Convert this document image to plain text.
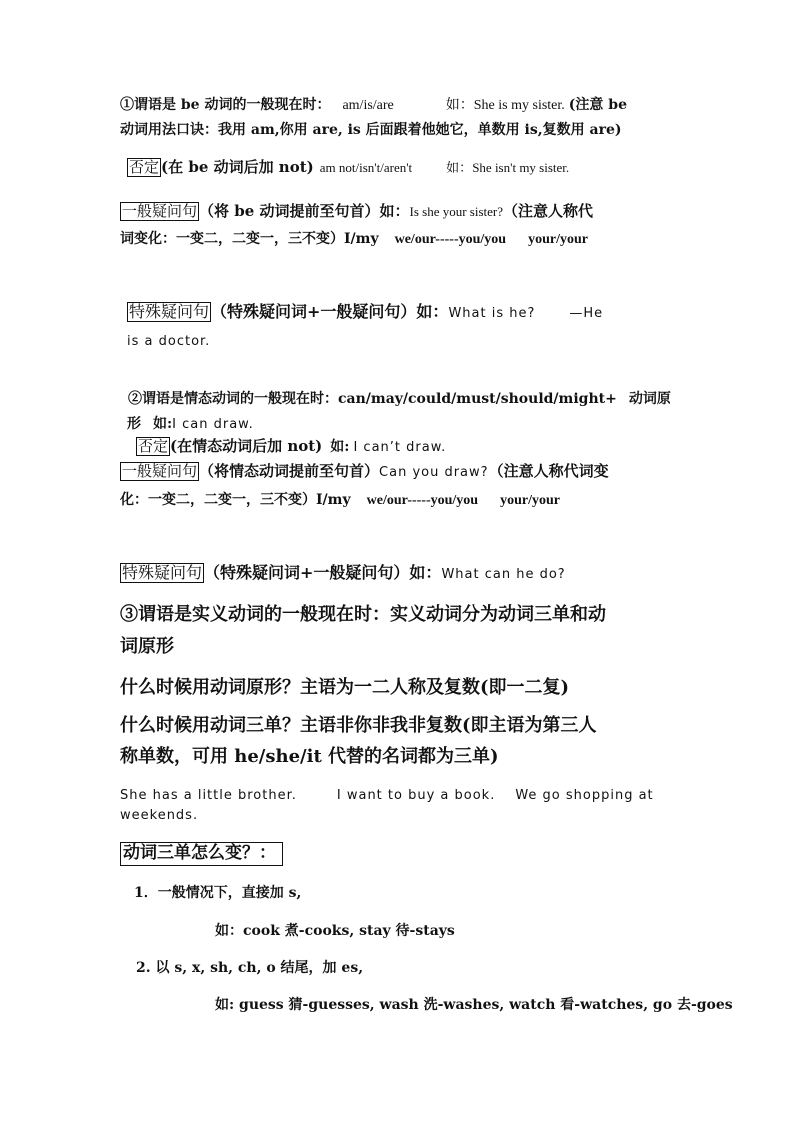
①谓语是 be 动词的一般现在时： am/is/are	如：She is my sister. (注意 be
动词用法口诀：我用 am,你用 are, is 后面跟着他她它，单数用 is,复数用 are)
否定 (在 be 动词后加 not) am not/isn't/aren't	如：She isn't my sister.
一般疑问句 （将 be 动词提前至句首）如：Is she your sister?（注意人称代
词变化：一变二，二变一，三不变）I/my we/our-----you/you your/your
特殊疑问句 （特殊疑问词+一般疑问句）如：What is he?	—He
is a doctor.
②谓语是情态动词的一般现在时：can/may/could/must/should/might+ 动词原
形 如:I can draw.
否定 (在情态动词后加 not) 如: I can’t draw.
一般疑问句 （将情态动词提前至句首）Can you draw?（注意人称代词变
化：一变二，二变一，三不变）I/my we/our-----you/you your/your
特殊疑问句 （特殊疑问词+一般疑问句）如：What can he do?
③谓语是实义动词的一般现在时：实义动词分为动词三单和动
词原形
什么时候用动词原形？主语为一二人称及复数(即一二复)
什么时候用动词三单？主语非你非我非复数(即主语为第三人
称单数，可用 he/she/it 代替的名词都为三单)
She has a little brother.	I want to buy a book. We go shopping at
weekends.
动词三单怎么变？：
1．一般情况下，直接加 s,
如：cook 煮-cooks, stay 待-stays
2. 以 s, x, sh, ch, o 结尾，加 es,
如: guess 猜-guesses, wash 洗-washes, watch 看-watches, go 去-goes
